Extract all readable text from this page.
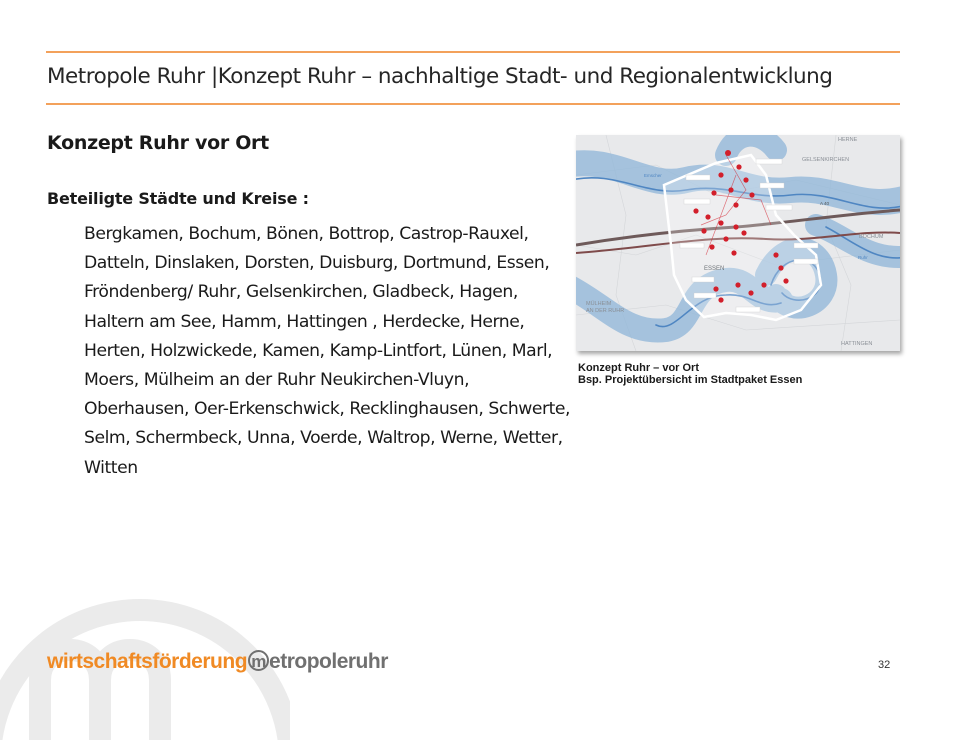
Metropole Ruhr |Konzept Ruhr – nachhaltige Stadt- und Regionalentwicklung
Konzept Ruhr vor Ort
Beteiligte Städte und Kreise :
Bergkamen, Bochum, Bönen, Bottrop, Castrop-Rauxel, Datteln, Dinslaken, Dorsten, Duisburg, Dortmund, Essen, Fröndenberg/ Ruhr, Gelsenkirchen, Gladbeck, Hagen, Haltern am See, Hamm, Hattingen , Herdecke, Herne, Herten, Holzwickede, Kamen, Kamp-Lintfort, Lünen, Marl, Moers, Mülheim an der Ruhr Neukirchen-Vluyn, Oberhausen, Oer-Erkenschwick, Recklinghausen, Schwerte, Selm, Schermbeck, Unna, Voerde, Waltrop, Werne, Wetter, Witten
HERNE
GELSENKIRCHEN
BOCHUM
ESSEN
MÜLHEIM
AN DER RUHR
HATTINGEN
Emscher
A 40
Ruhr
Konzept Ruhr – vor Ort
Bsp. Projektübersicht im Stadtpaket Essen
wirtschaftsförderung m etropoleruhr	32
